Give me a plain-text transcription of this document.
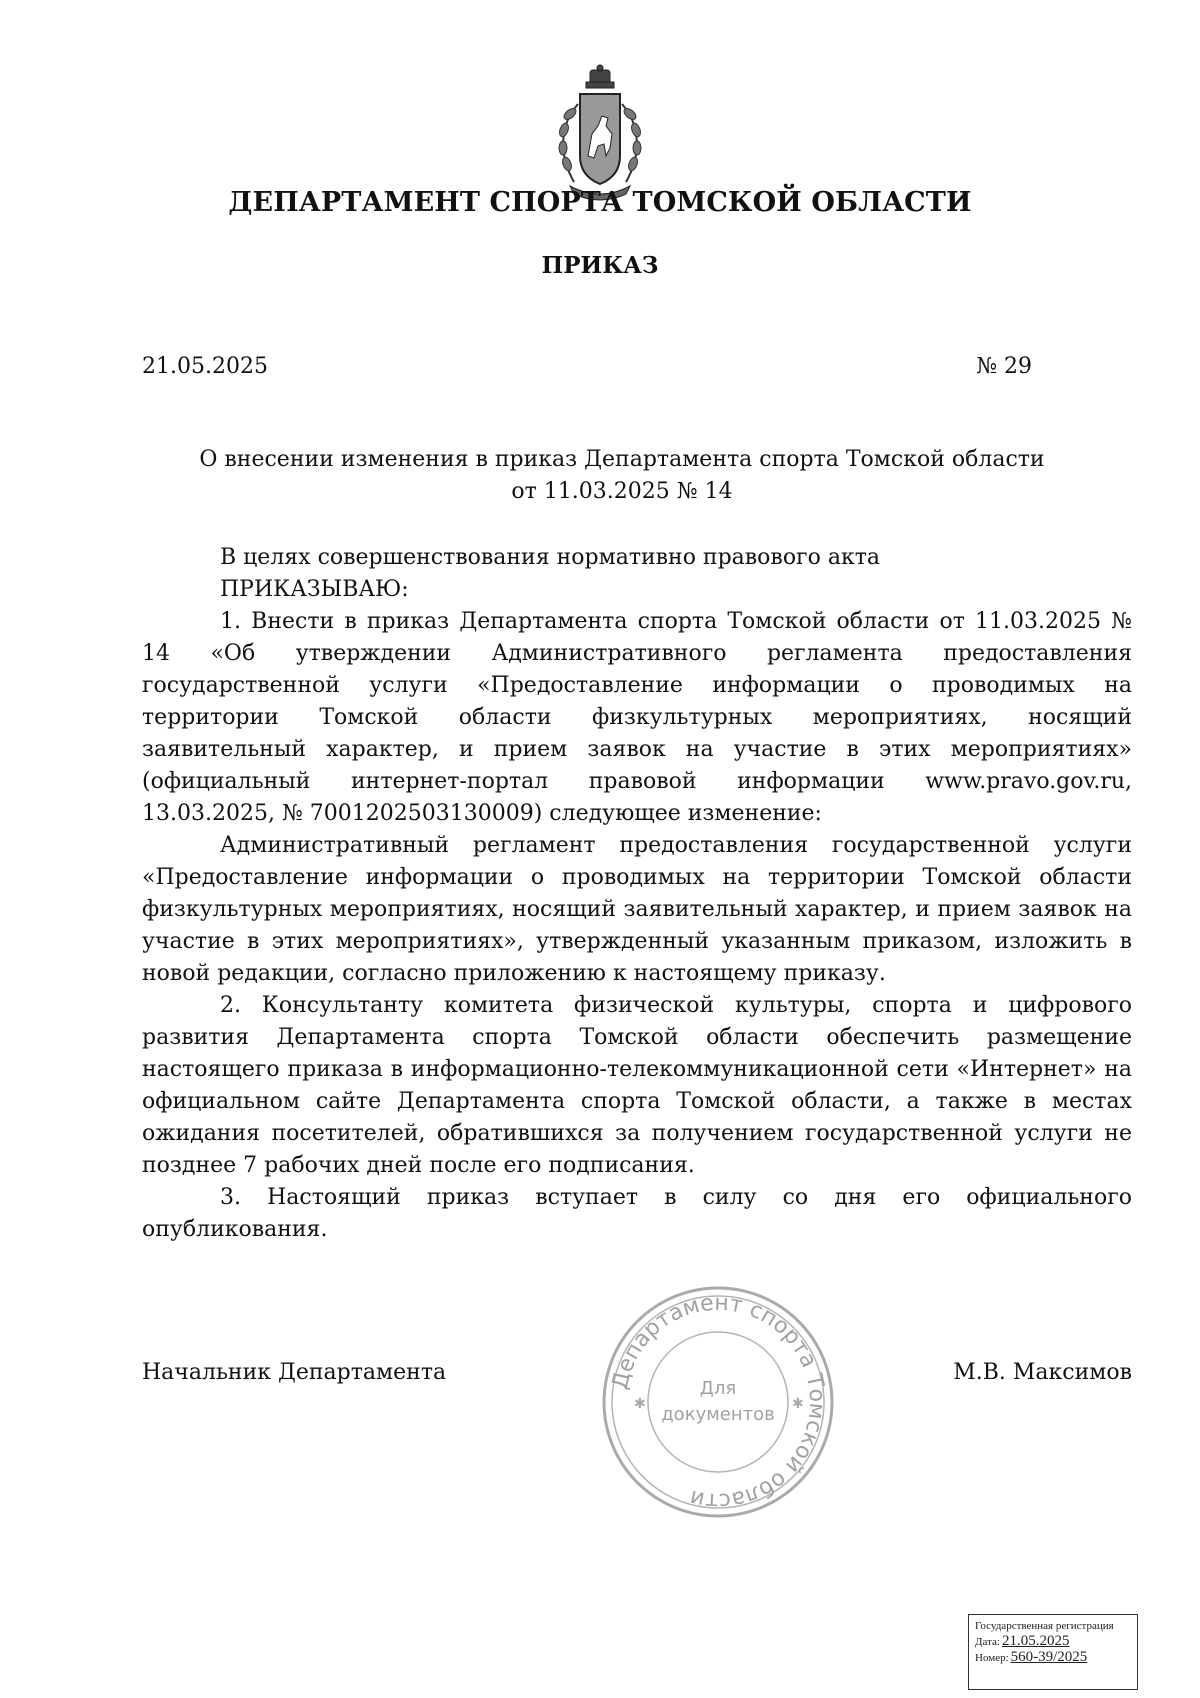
ДЕПАРТАМЕНТ СПОРТА ТОМСКОЙ ОБЛАСТИ
ПРИКАЗ
21.05.2025	№ 29
О внесении изменения в приказ Департамента спорта Томской области
от 11.03.2025 № 14

В целях совершенствования нормативно правового акта

ПРИКАЗЫВАЮ:

1. Внести в приказ Департамента спорта Томской области от 11.03.2025 № 14 «Об утверждении Административного регламента предоставления государственной услуги «Предоставление информации о проводимых на территории Томской области физкультурных мероприятиях, носящий заявительный характер, и прием заявок на участие в этих мероприятиях» (официальный интернет-портал правовой информации www.pravo.gov.ru, 13.03.2025, № 7001202503130009) следующее изменение:

Административный регламент предоставления государственной услуги «Предоставление информации о проводимых на территории Томской области физкультурных мероприятиях, носящий заявительный характер, и прием заявок на участие в этих мероприятиях», утвержденный указанным приказом, изложить в новой редакции, согласно приложению к настоящему приказу.

2. Консультанту комитета физической культуры, спорта и цифрового развития Департамента спорта Томской области обеспечить размещение настоящего приказа в информационно-телекоммуникационной сети «Интернет» на официальном сайте Департамента спорта Томской области, а также в местах ожидания посетителей, обратившихся за получением государственной услуги не позднее 7 рабочих дней после его подписания.

3. Настоящий приказ вступает в силу со дня его официального опубликования.

Департамент спорта Томской области
Для
документов
✱	✱
Начальник Департамента	М.В. Максимов
Государственная регистрация
Дата: 21.05.2025
Номер: 560-39/2025
